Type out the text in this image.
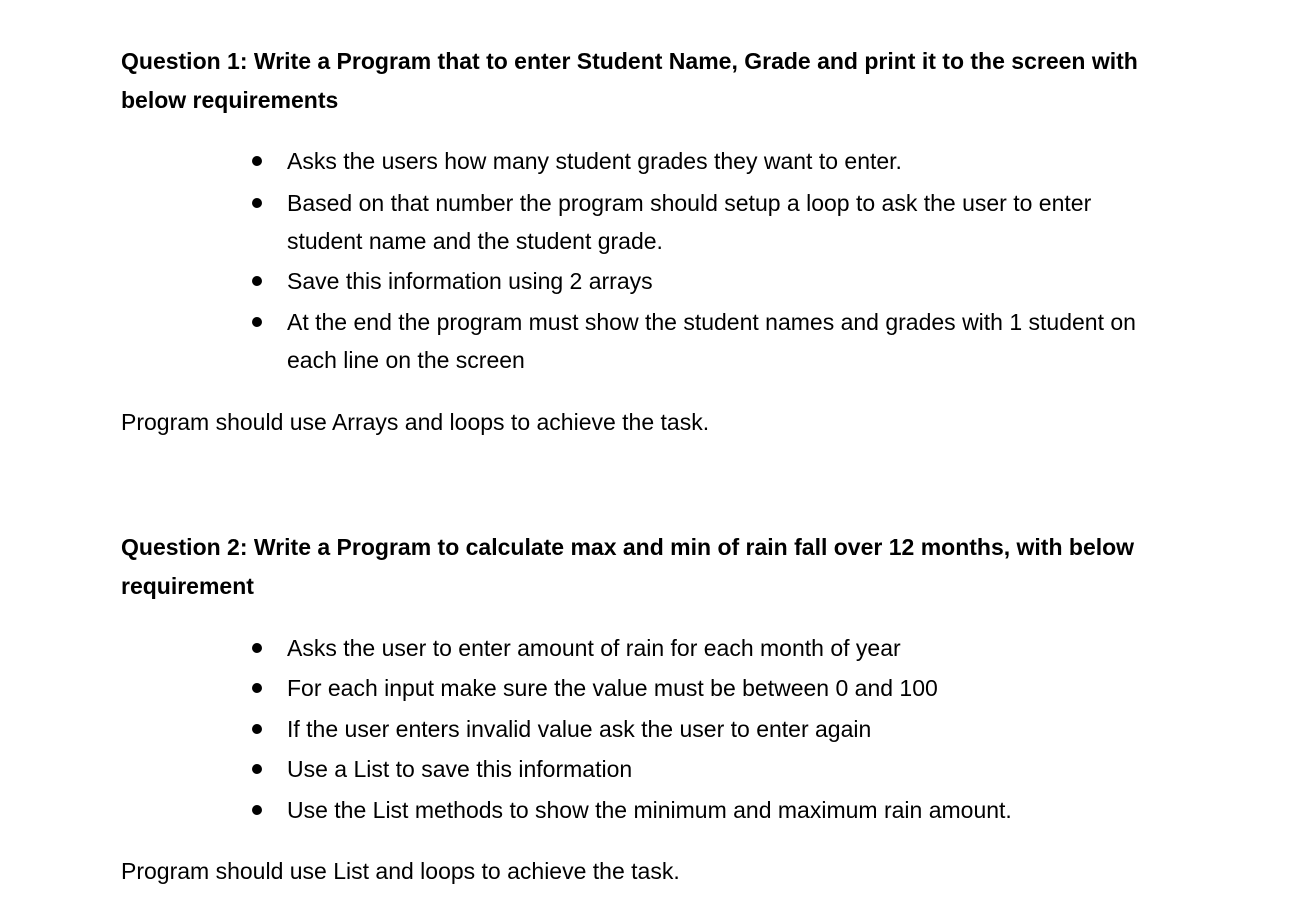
Question 1: Write a Program that to enter Student Name, Grade and print it to the screen with below requirements

Asks the users how many student grades they want to enter.
Based on that number the program should setup a loop to ask the user to enter student name and the student grade.
Save this information using 2 arrays
At the end the program must show the student names and grades with 1 student on each line on the screen

Program should use Arrays and loops to achieve the task.

Question 2: Write a Program to calculate max and min of rain fall over 12 months, with below requirement

Asks the user to enter amount of rain for each month of year
For each input make sure the value must be between 0 and 100
If the user enters invalid value ask the user to enter again
Use a List to save this information
Use the List methods to show the minimum and maximum rain amount.

Program should use List and loops to achieve the task.
